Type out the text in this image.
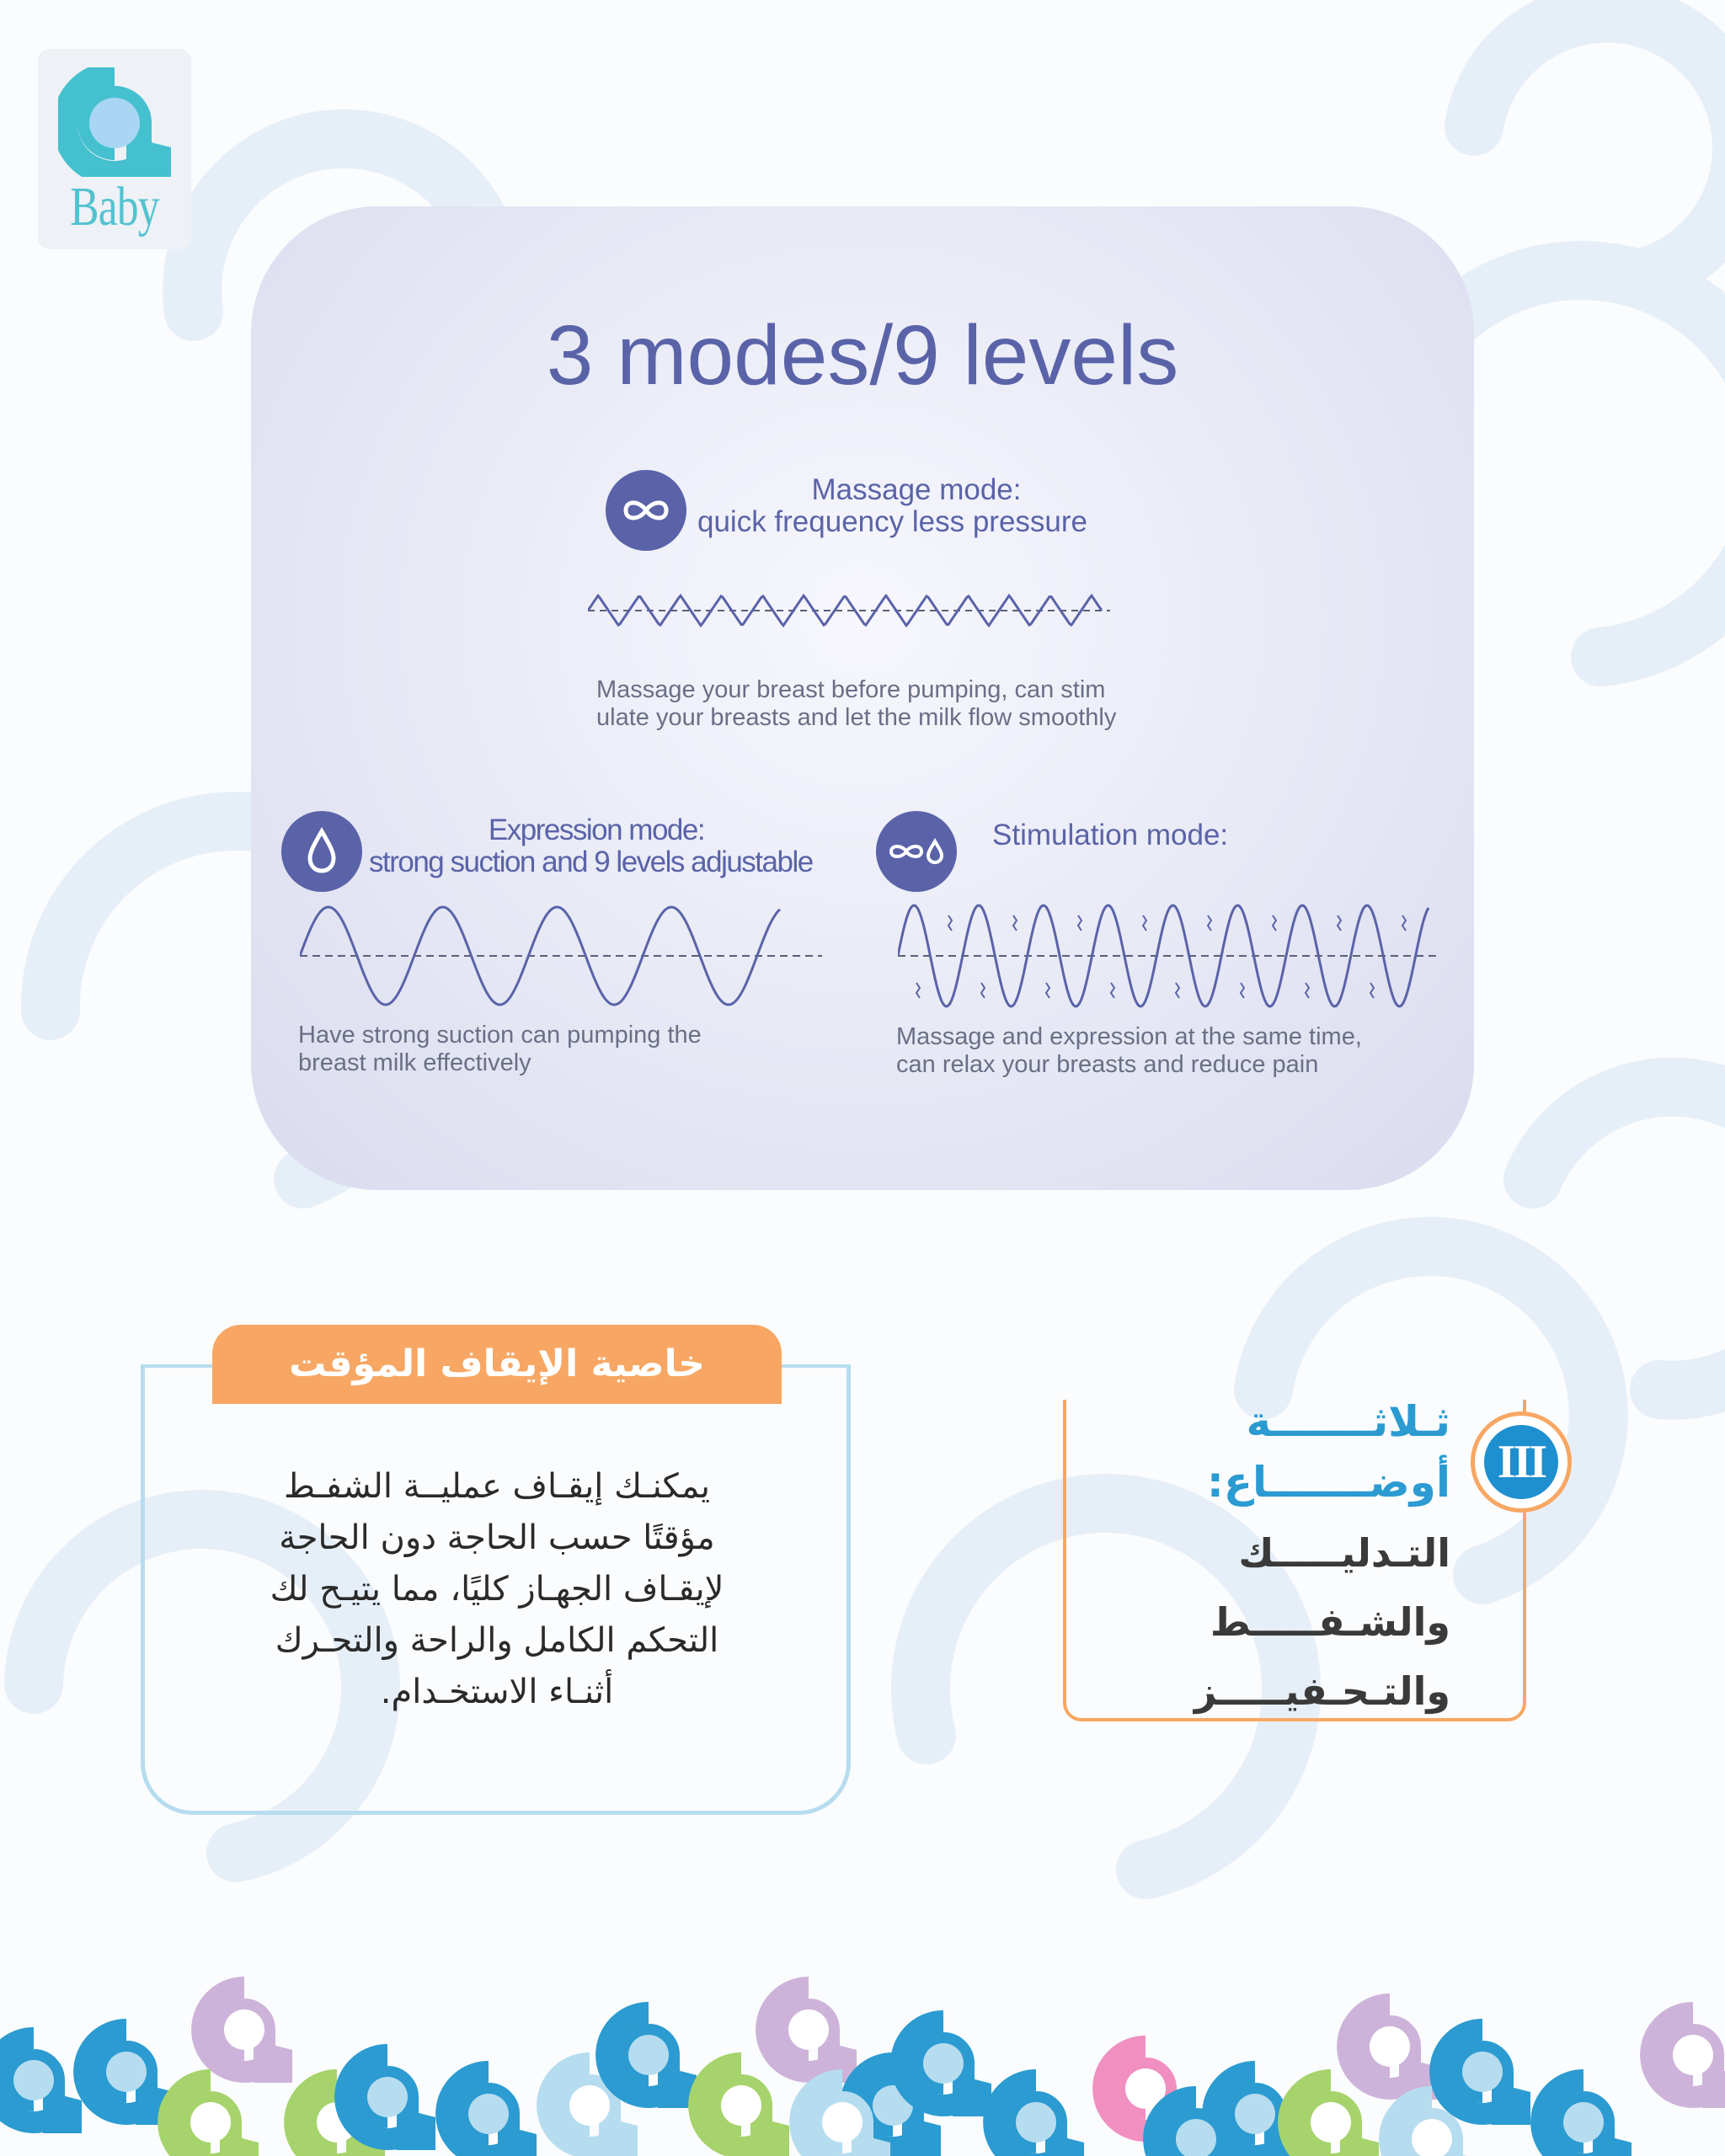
Baby
3 modes/9 levels
Massage mode:
quick frequency less pressure
Massage your breast before pumping, can stim
ulate your breasts and let the milk flow smoothly
Expression mode:
strong suction and 9 levels adjustable
Have strong suction can pumping the
breast milk effectively
Stimulation mode:
Massage and expression at the same time,
can relax your breasts and reduce pain
خاصية الإيقاف المؤقت
يمكنـك إيقـاف عمليــة الشفـط
مؤقتًا حسب الحاجة دون الحاجة
لإيقـاف الجهـاز كليًا، مما يتيـح لك
التحكم الكامل والراحة والتحـرك
أثنـاء الاستخـدام.
ثـلاثـــــــة
أوضـــــــاع:
التـدليـــــك
والشـفـــــط
والتـحـفيـــــز
III
